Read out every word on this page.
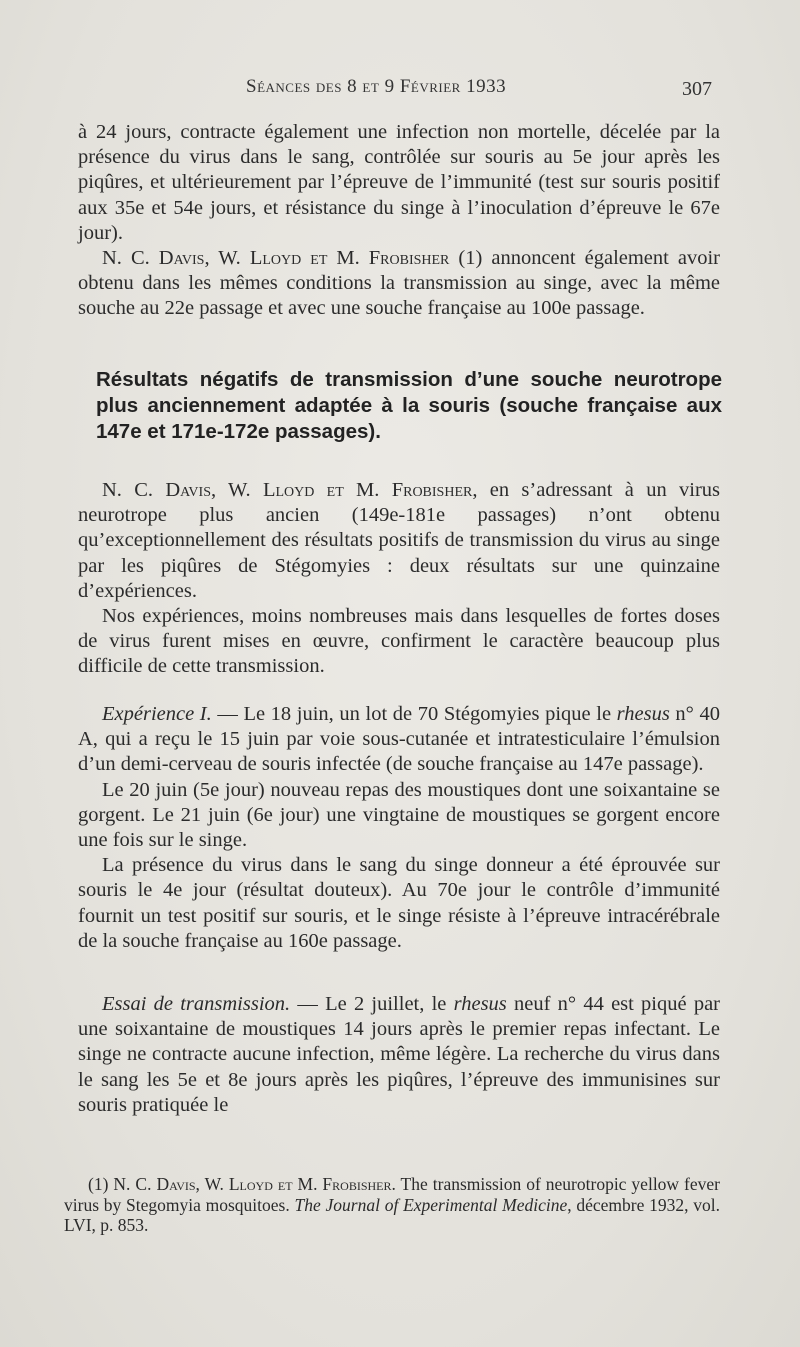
Séances des 8 et 9 Février 1933	307

à 24 jours, contracte également une infection non mortelle, décelée par la présence du virus dans le sang, contrôlée sur souris au 5e jour après les piqûres, et ultérieurement par l’épreuve de l’immunité (test sur souris positif aux 35e et 54e jours, et résistance du singe à l’inoculation d’épreuve le 67e jour).

N. C. Davis, W. Lloyd et M. Frobisher (1) annoncent également avoir obtenu dans les mêmes conditions la transmission au singe, avec la même souche au 22e passage et avec une souche française au 100e passage.

Résultats négatifs de transmission d’une souche neurotrope plus anciennement adaptée à la souris (souche française aux 147e et 171e-172e passages).

N. C. Davis, W. Lloyd et M. Frobisher, en s’adressant à un virus neurotrope plus ancien (149e-181e passages) n’ont obtenu qu’exceptionnellement des résultats positifs de transmission du virus au singe par les piqûres de Stégomyies : deux résultats sur une quinzaine d’expériences.

Nos expériences, moins nombreuses mais dans lesquelles de fortes doses de virus furent mises en œuvre, confirment le caractère beaucoup plus difficile de cette transmission.

Expérience I. — Le 18 juin, un lot de 70 Stégomyies pique le rhesus n° 40 A, qui a reçu le 15 juin par voie sous-cutanée et intratesticulaire l’émulsion d’un demi-cerveau de souris infectée (de souche française au 147e passage).

Le 20 juin (5e jour) nouveau repas des moustiques dont une soixantaine se gorgent. Le 21 juin (6e jour) une vingtaine de moustiques se gorgent encore une fois sur le singe.

La présence du virus dans le sang du singe donneur a été éprouvée sur souris le 4e jour (résultat douteux). Au 70e jour le contrôle d’immunité fournit un test positif sur souris, et le singe résiste à l’épreuve intracérébrale de la souche française au 160e passage.

Essai de transmission. — Le 2 juillet, le rhesus neuf n° 44 est piqué par une soixantaine de moustiques 14 jours après le premier repas infectant. Le singe ne contracte aucune infection, même légère. La recherche du virus dans le sang les 5e et 8e jours après les piqûres, l’épreuve des immunisines sur souris pratiquée le

(1) N. C. Davis, W. Lloyd et M. Frobisher. The transmission of neurotropic yellow fever virus by Stegomyia mosquitoes. The Journal of Experimental Medicine, décembre 1932, vol. LVI, p. 853.
